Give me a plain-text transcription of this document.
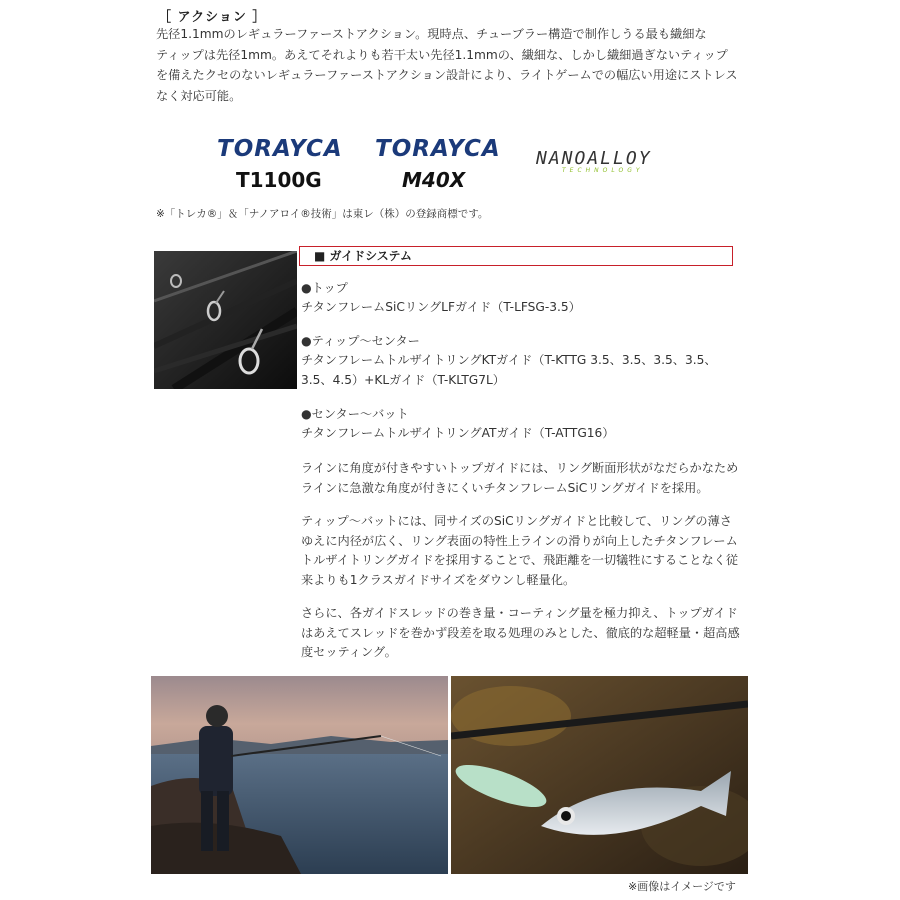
［ アクション ］

先径1.1mmのレギュラーファーストアクション。現時点、チューブラー構造で制作しうる最も繊細な

ティップは先径1mm。あえてそれよりも若干太い先径1.1mmの、繊細な、しかし繊細過ぎないティップ

を備えたクセのないレギュラーファーストアクション設計により、ライトゲームでの幅広い用途にストレス

なく対応可能。

TORAYCA
T1100G
TORAYCA
M40X
NANOALLOY
TECHNOLOGY
※「トレカ®」＆「ナノアロイ®技術」は東レ（株）の登録商標です。
■ ガイドシステム
●トップ

チタンフレームSiCリングLFガイド（T-LFSG-3.5）

●ティップ～センター

チタンフレームトルザイトリングKTガイド（T-KTTG 3.5、3.5、3.5、3.5、

3.5、4.5）+KLガイド（T-KLTG7L）

●センター～バット

チタンフレームトルザイトリングATガイド（T-ATTG16）

ラインに角度が付きやすいトップガイドには、リング断面形状がなだらかなため

ラインに急激な角度が付きにくいチタンフレームSiCリングガイドを採用。

ティップ～バットには、同サイズのSiCリングガイドと比較して、リングの薄さ

ゆえに内径が広く、リング表面の特性上ラインの滑りが向上したチタンフレーム

トルザイトリングガイドを採用することで、飛距離を一切犠牲にすることなく従

来よりも1クラスガイドサイズをダウンし軽量化。

さらに、各ガイドスレッドの巻き量・コーティング量を極力抑え、トップガイド

はあえてスレッドを巻かず段差を取る処理のみとした、徹底的な超軽量・超高感

度セッティング。

※画像はイメージです
